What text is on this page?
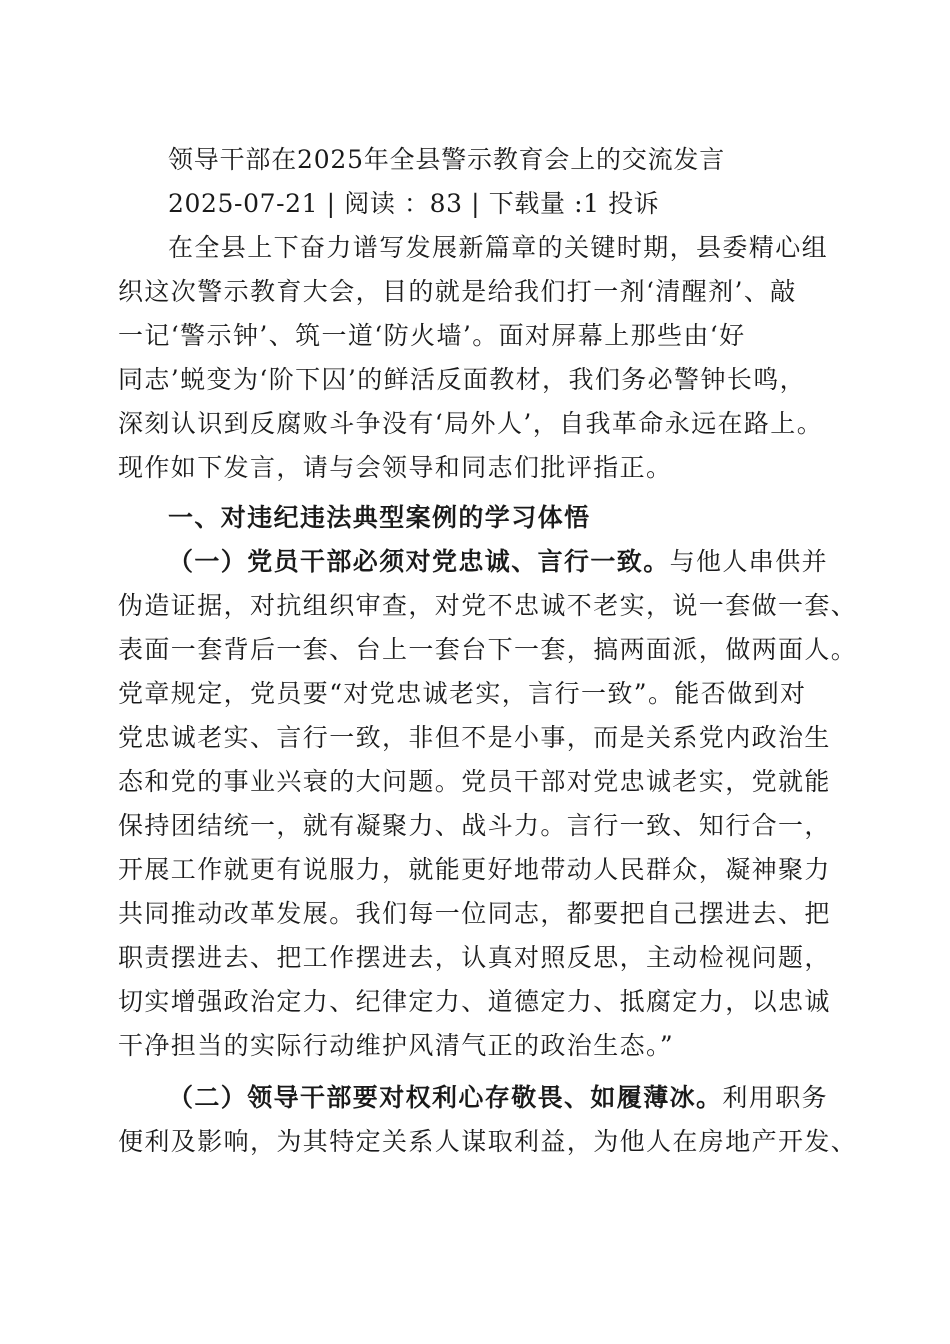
领导干部在2025年全县警示教育会上的交流发言
2025-07-21 | 阅读 ：83 | 下载量 :1 投诉
在全县上下奋力谱写发展新篇章的关键时期，县委精心组
织这次警示教育大会，目的就是给我们打一剂‘清醒剂’、敲
一记‘警示钟’、筑一道‘防火墙’。面对屏幕上那些由‘好
同志’蜕变为‘阶下囚’的鲜活反面教材，我们务必警钟长鸣，
深刻认识到反腐败斗争没有‘局外人’，自我革命永远在路上。
现作如下发言，请与会领导和同志们批评指正。
一、对违纪违法典型案例的学习体悟
（一）党员干部必须对党忠诚、言行一致。与他人串供并
伪造证据，对抗组织审查，对党不忠诚不老实，说一套做一套、
表面一套背后一套、台上一套台下一套，搞两面派，做两面人。
党章规定，党员要“对党忠诚老实，言行一致”。能否做到对
党忠诚老实、言行一致，非但不是小事，而是关系党内政治生
态和党的事业兴衰的大问题。党员干部对党忠诚老实，党就能
保持团结统一，就有凝聚力、战斗力。言行一致、知行合一，
开展工作就更有说服力，就能更好地带动人民群众，凝神聚力
共同推动改革发展。我们每一位同志，都要把自己摆进去、把
职责摆进去、把工作摆进去，认真对照反思，主动检视问题，
切实增强政治定力、纪律定力、道德定力、抵腐定力，以忠诚
干净担当的实际行动维护风清气正的政治生态。”
（二）领导干部要对权利心存敬畏、如履薄冰。利用职务
便利及影响，为其特定关系人谋取利益，为他人在房地产开发、
